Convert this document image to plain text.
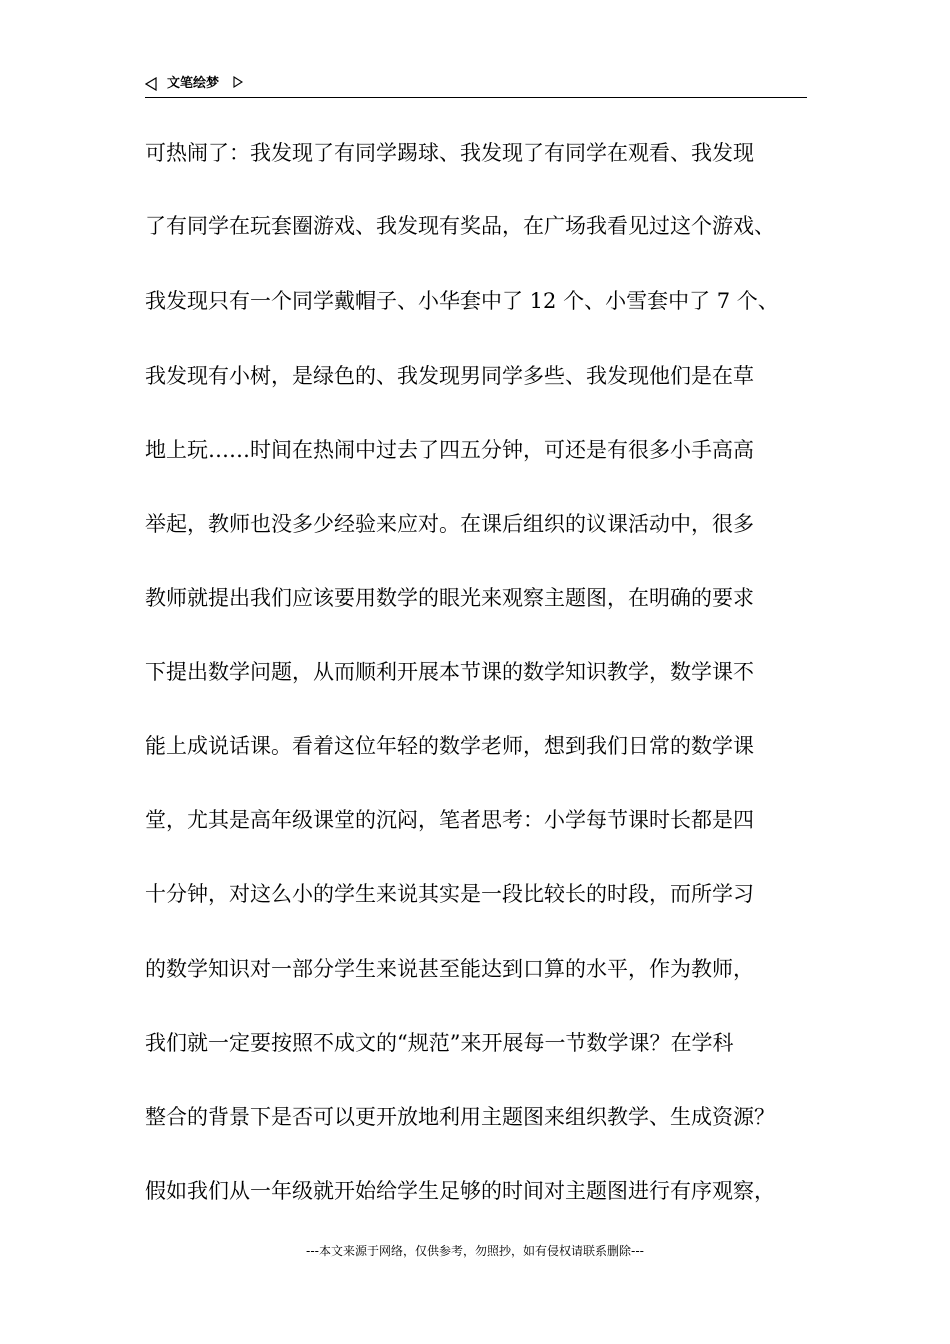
文笔绘梦
可热闹了：我发现了有同学踢球、我发现了有同学在观看、我发现
了有同学在玩套圈游戏、我发现有奖品，在广场我看见过这个游戏、
我发现只有一个同学戴帽子、小华套中了 12 个、小雪套中了 7 个、
我发现有小树，是绿色的、我发现男同学多些、我发现他们是在草
地上玩……时间在热闹中过去了四五分钟，可还是有很多小手高高
举起，教师也没多少经验来应对。在课后组织的议课活动中，很多
教师就提出我们应该要用数学的眼光来观察主题图，在明确的要求
下提出数学问题，从而顺利开展本节课的数学知识教学，数学课不
能上成说话课。看着这位年轻的数学老师，想到我们日常的数学课
堂，尤其是高年级课堂的沉闷，笔者思考：小学每节课时长都是四
十分钟，对这么小的学生来说其实是一段比较长的时段，而所学习
的数学知识对一部分学生来说甚至能达到口算的水平，作为教师，
我们就一定要按照不成文的“规范”来开展每一节数学课？在学科
整合的背景下是否可以更开放地利用主题图来组织教学、生成资源？
假如我们从一年级就开始给学生足够的时间对主题图进行有序观察，
---本文来源于网络，仅供参考，勿照抄，如有侵权请联系删除---
